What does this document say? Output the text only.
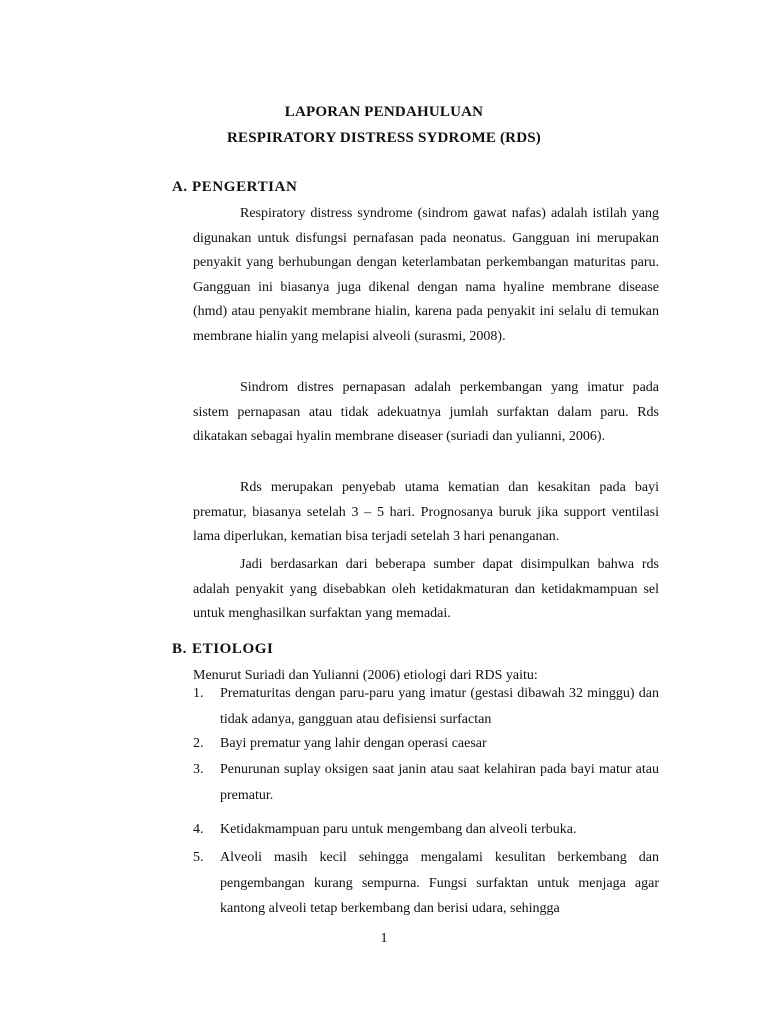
LAPORAN PENDAHULUAN
RESPIRATORY DISTRESS SYDROME (RDS)
A. PENGERTIAN

Respiratory distress syndrome (sindrom gawat nafas) adalah istilah yang digunakan untuk disfungsi pernafasan pada neonatus. Gangguan ini merupakan penyakit yang berhubungan dengan keterlambatan perkembangan maturitas paru. Gangguan ini biasanya juga dikenal dengan nama hyaline membrane disease (hmd) atau penyakit membrane hialin, karena pada penyakit ini selalu di temukan membrane hialin yang melapisi alveoli (surasmi, 2008).

Sindrom distres pernapasan adalah perkembangan yang imatur pada sistem pernapasan atau tidak adekuatnya jumlah surfaktan dalam paru. Rds dikatakan sebagai hyalin membrane diseaser (suriadi dan yulianni, 2006).

Rds merupakan penyebab utama kematian dan kesakitan pada bayi prematur, biasanya setelah 3 – 5 hari. Prognosanya buruk jika support ventilasi lama diperlukan, kematian bisa terjadi setelah 3 hari penanganan.

Jadi berdasarkan dari beberapa sumber dapat disimpulkan bahwa rds adalah penyakit yang disebabkan oleh ketidakmaturan dan ketidakmampuan sel untuk menghasilkan surfaktan yang memadai.

B. ETIOLOGI

Menurut Suriadi dan Yulianni (2006) etiologi dari RDS yaitu:

1.	Prematuritas dengan paru-paru yang imatur (gestasi dibawah 32 minggu) dan tidak adanya, gangguan atau defisiensi surfactan
2.	Bayi prematur yang lahir dengan operasi caesar
3.	Penurunan suplay oksigen saat janin atau saat kelahiran pada bayi matur atau prematur.
4.	Ketidakmampuan paru untuk mengembang dan alveoli terbuka.
5.	Alveoli masih kecil sehingga mengalami kesulitan berkembang dan pengembangan kurang sempurna. Fungsi surfaktan untuk menjaga agar kantong alveoli tetap berkembang dan berisi udara, sehingga
1
